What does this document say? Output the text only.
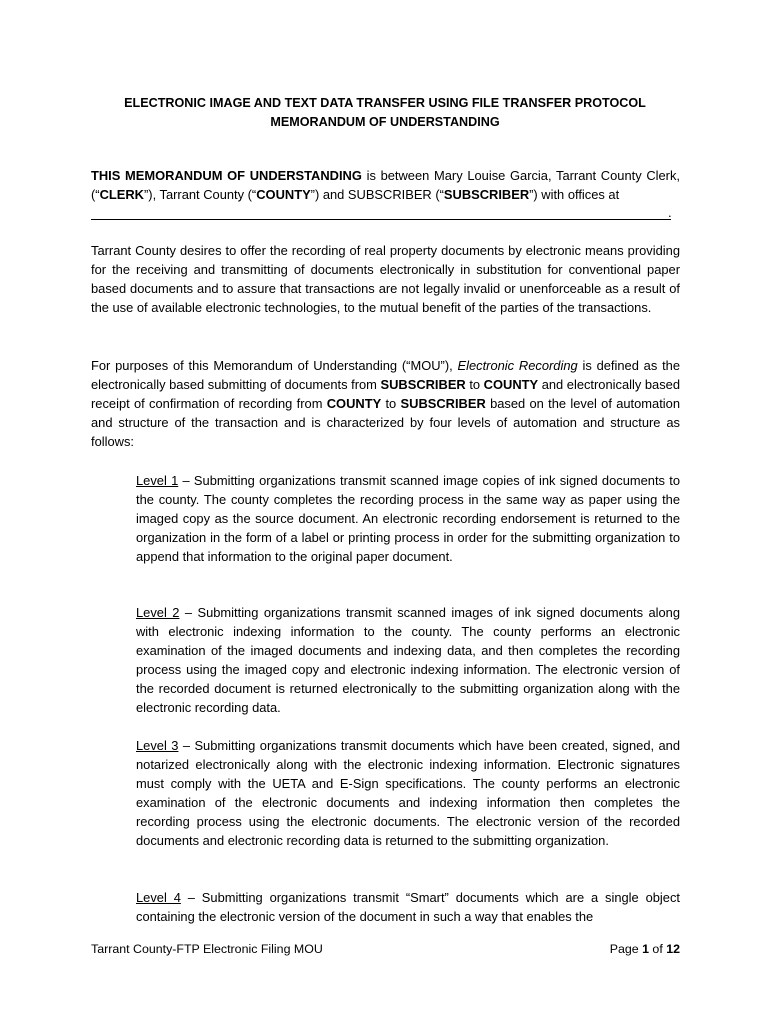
ELECTRONIC IMAGE AND TEXT DATA TRANSFER USING FILE TRANSFER PROTOCOL
MEMORANDUM OF UNDERSTANDING
THIS MEMORANDUM OF UNDERSTANDING is between Mary Louise Garcia, Tarrant County Clerk, (“CLERK”), Tarrant County (“COUNTY”) and SUBSCRIBER (“SUBSCRIBER”) with offices at
.
Tarrant County desires to offer the recording of real property documents by electronic means providing for the receiving and transmitting of documents electronically in substitution for conventional paper based documents and to assure that transactions are not legally invalid or unenforceable as a result of the use of available electronic technologies, to the mutual benefit of the parties of the transactions.
For purposes of this Memorandum of Understanding (“MOU”), Electronic Recording is defined as the electronically based submitting of documents from SUBSCRIBER to COUNTY and electronically based receipt of confirmation of recording from COUNTY to SUBSCRIBER based on the level of automation and structure of the transaction and is characterized by four levels of automation and structure as follows:
Level 1 – Submitting organizations transmit scanned image copies of ink signed documents to the county. The county completes the recording process in the same way as paper using the imaged copy as the source document. An electronic recording endorsement is returned to the organization in the form of a label or printing process in order for the submitting organization to append that information to the original paper document.
Level 2 – Submitting organizations transmit scanned images of ink signed documents along with electronic indexing information to the county. The county performs an electronic examination of the imaged documents and indexing data, and then completes the recording process using the imaged copy and electronic indexing information. The electronic version of the recorded document is returned electronically to the submitting organization along with the electronic recording data.
Level 3 – Submitting organizations transmit documents which have been created, signed, and notarized electronically along with the electronic indexing information. Electronic signatures must comply with the UETA and E-Sign specifications. The county performs an electronic examination of the electronic documents and indexing information then completes the recording process using the electronic documents. The electronic version of the recorded documents and electronic recording data is returned to the submitting organization.
Level 4 – Submitting organizations transmit “Smart” documents which are a single object containing the electronic version of the document in such a way that enables the
Tarrant County-FTP Electronic Filing MOU	Page 1 of 12
